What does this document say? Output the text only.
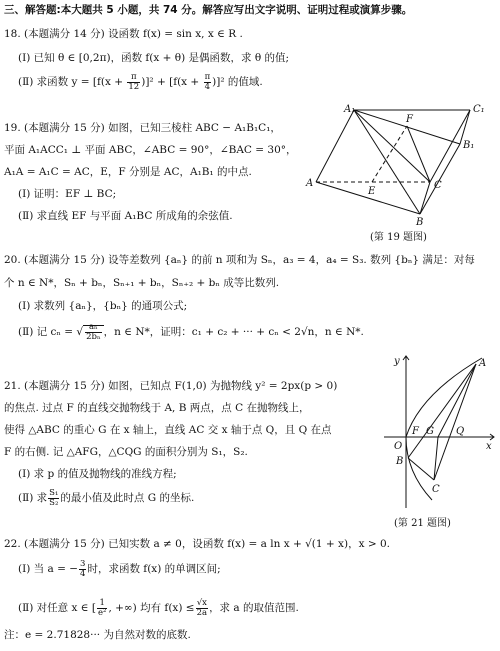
三、解答题:本大题共 5 小题，共 74 分。解答应写出文字说明、证明过程或演算步骤。
18. (本题满分 14 分) 设函数 f(x) = sin x, x ∈ R .
(Ⅰ) 已知 θ ∈ [0,2π)，函数 f(x + θ) 是偶函数，求 θ 的值;
(Ⅱ) 求函数 $y = [f(x + \frac{\pi}{12} )]^2 + [f(x + \frac{\pi}{4} )]^2$ 的值域.
19. (本题满分 15 分) 如图，已知三棱柱 ABC − A₁B₁C₁，
平面 A₁ACC₁ ⊥ 平面 ABC，∠ABC = 90°，∠BAC = 30°，
A₁A = A₁C = AC，E，F 分别是 AC，A₁B₁ 的中点.
(Ⅰ) 证明：EF ⊥ BC;
(Ⅱ) 求直线 EF 与平面 A₁BC 所成角的余弦值.
A₁	C₁
B₁
F
A
E
C
B
(第 19 题图)
20. (本题满分 15 分) 设等差数列 {aₙ} 的前 n 项和为 Sₙ，a₃ = 4，a₄ = S₃. 数列 {bₙ} 满足：对每
个 n ∈ N*，Sₙ + bₙ，Sₙ₊₁ + bₙ，Sₙ₊₂ + bₙ 成等比数列.
(Ⅰ) 求数列 {aₙ}，{bₙ} 的通项公式;
(Ⅱ) 记 cₙ = √ $\frac{\text{aₙ}}{\text{2bₙ}}$ ，n ∈ N*，证明：c₁ + c₂ + ··· + cₙ < 2√n，n ∈ N*.
21. (本题满分 15 分) 如图，已知点 F(1,0) 为抛物线 y² = 2px(p > 0)
的焦点. 过点 F 的直线交抛物线于 A, B 两点，点 C 在抛物线上，
使得 △ABC 的重心 G 在 x 轴上，直线 AC 交 x 轴于点 Q，且 Q 在点
F 的右侧. 记 △AFG，△CQG 的面积分别为 S₁，S₂.
(Ⅰ) 求 p 的值及抛物线的准线方程;
(Ⅱ) 求 $\frac{\text{S₁}}{\text{S₂}}$ 的最小值及此时点 G 的坐标.
y
x
O
F G Q
A
B
C
(第 21 题图)
22. (本题满分 15 分) 已知实数 a ≠ 0，设函数 f(x) = a ln x + √(1 + x)，x > 0.
(Ⅰ) 当 a = − $\frac{3}{4}$ 时，求函数 f(x) 的单调区间;
(Ⅱ) 对任意 x ∈ [ $\frac{1}{\text{e²}}$ , +∞) 均有 $f(x) \le \frac{√x}{2a}$ ，求 a 的取值范围.
注：e = 2.71828··· 为自然对数的底数.
